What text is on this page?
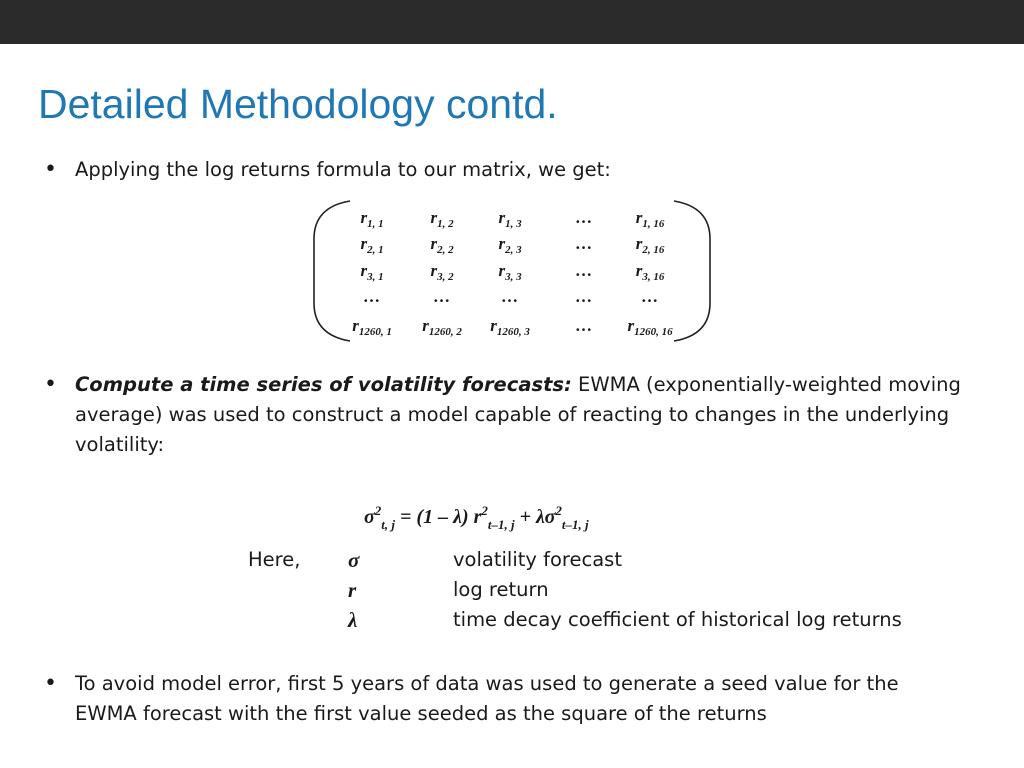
Detailed Methodology contd.
• Applying the log returns formula to our matrix, we get:
$r_{1, 1}$	$r_{1, 2}$	$r_{1, 3}$	…	$r_{1, 16}$
$r_{2, 1}$	$r_{2, 2}$	$r_{2, 3}$	…	$r_{2, 16}$
$r_{3, 1}$	$r_{3, 2}$	$r_{3, 3}$	…	$r_{3, 16}$
…	…	…	…	…
$r_{1260, 1}$	$r_{1260, 2}$	$r_{1260, 3}$	…	$r_{1260, 16}$
• Compute a time series of volatility forecasts: EWMA (exponentially-weighted moving average) was used to construct a model capable of reacting to changes in the underlying volatility:
$\sigma^2_{t, j} = (1 - \lambda) r^2_{t-1, j} + \lambda\sigma^2_{t-1, j}$
Here, σ	volatility forecast
r	log return
λ	time decay coefficient of historical log returns
• To avoid model error, first 5 years of data was used to generate a seed value for the EWMA forecast with the first value seeded as the square of the returns
